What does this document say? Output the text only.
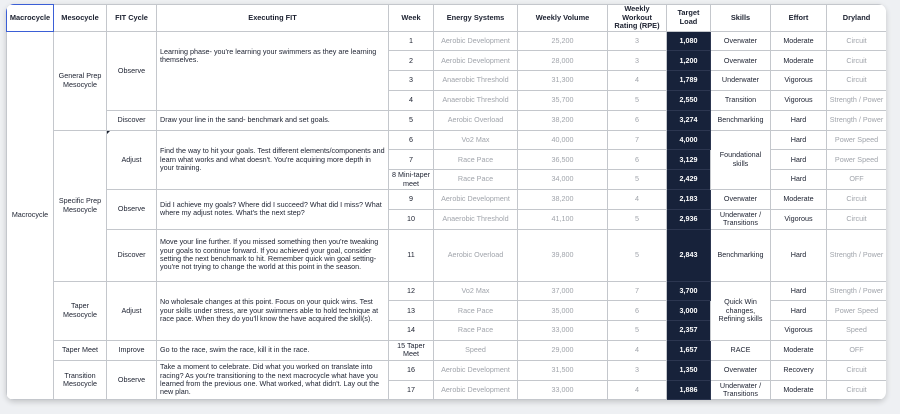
Macrocycle	Mesocycle	FIT Cycle	Executing FIT	Week	Energy Systems	Weekly Volume	Weekly Workout Rating (RPE)	Target Load	Skills	Effort	Dryland
Macrocycle	General Prep Mesocycle	Observe	Learning phase- you're learning your swimmers as they are learning themselves.	1	Aerobic Development	25,200	3	1,080	Overwater	Moderate	Circuit
				2	Aerobic Development	28,000	3	1,200	Overwater	Moderate	Circuit
				3	Anaerobic Threshold	31,300	4	1,789	Underwater	Vigorous	Circuit
				4	Anaerobic Threshold	35,700	5	2,550	Transition	Vigorous	Strength / Power
		Discover	Draw your line in the sand- benchmark and set goals.	5	Aerobic Overload	38,200	6	3,274	Benchmarking	Hard	Strength / Power
	Specific Prep Mesocycle	Adjust	Find the way to hit your goals. Test different elements/components and learn what works and what doesn't. You're acquiring more depth in your training.	6	Vo2 Max	40,000	7	4,000	Foundational skills	Hard	Power Speed
				7	Race Pace	36,500	6	3,129		Hard	Power Speed
				8 Mini-taper meet	Race Pace	34,000	5	2,429		Hard	OFF
		Observe	Did I achieve my goals? Where did I succeed? What did I miss? What where my adjust notes. What's the next step?	9	Aerobic Development	38,200	4	2,183	Overwater	Moderate	Circuit
				10	Anaerobic Threshold	41,100	5	2,936	Underwater / Transitions	Vigorous	Circuit
		Discover	Move your line further. If you missed something then you're tweaking your goals to continue forward. If you achieved your goal, consider setting the next benchmark to hit. Remember quick win goal setting- you're not trying to change the world at this point in the season.	11	Aerobic Overload	39,800	5	2,843	Benchmarking	Hard	Strength / Power
	Taper Mesocycle	Adjust	No wholesale changes at this point. Focus on your quick wins. Test your skills under stress, are your swimmers able to hold technique at race pace. When they do you'll know the have acquired the skill(s).	12	Vo2 Max	37,000	7	3,700	Quick Win changes, Refining skills	Hard	Strength / Power
				13	Race Pace	35,000	6	3,000		Hard	Power Speed
				14	Race Pace	33,000	5	2,357		Vigorous	Speed
	Taper Meet	Improve	Go to the race, swim the race, kill it in the race.	15 Taper Meet	Speed	29,000	4	1,657	RACE	Moderate	OFF
	Transition Mesocycle	Observe	Take a moment to celebrate. Did what you worked on translate into racing? As you're transitioning to the next macrocycle what have you learned from the previous one. What worked, what didn't. Lay out the new plan.	16	Aerobic Development	31,500	3	1,350	Overwater	Recovery	Circuit
				17	Aerobic Development	33,000	4	1,886	Underwater / Transitions	Moderate	Circuit
